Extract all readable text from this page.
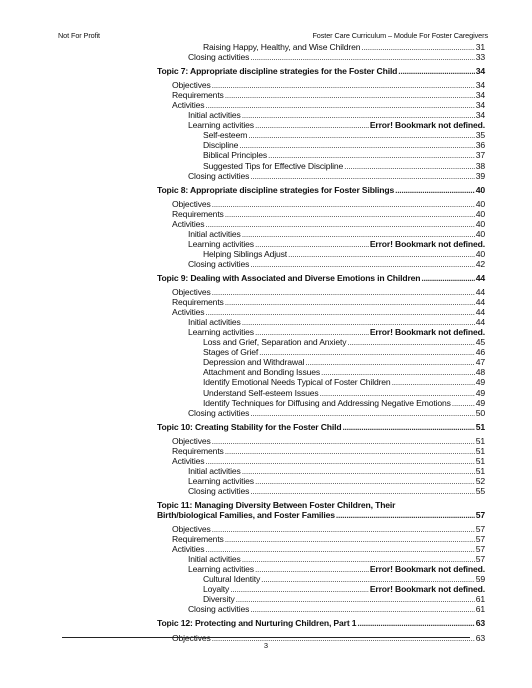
Not For Profit	Foster Care Curriculum – Module For Foster Caregivers
Raising Happy, Healthy, and Wise Children .....	31
Closing activities .....	33
Topic 7: Appropriate discipline strategies for the Foster Child .....	34
Objectives .....	34
Requirements .....	34
Activities .....	34
Initial activities .....	34
Learning activities .....	Error! Bookmark not defined.
Self-esteem .....	35
Discipline .....	36
Biblical Principles .....	37
Suggested Tips for Effective Discipline .....	38
Closing activities .....	39
Topic 8: Appropriate discipline strategies for Foster Siblings .....	40
Objectives .....	40
Requirements .....	40
Activities .....	40
Initial activities .....	40
Learning activities .....	Error! Bookmark not defined.
Helping Siblings Adjust .....	40
Closing activities .....	42
Topic 9: Dealing with Associated and Diverse Emotions in Children .....	44
Objectives .....	44
Requirements .....	44
Activities .....	44
Initial activities .....	44
Learning activities .....	Error! Bookmark not defined.
Loss and Grief, Separation and Anxiety .....	45
Stages of Grief .....	46
Depression and Withdrawal .....	47
Attachment and Bonding Issues .....	48
Identify Emotional Needs Typical of Foster Children .....	49
Understand Self-esteem Issues .....	49
Identify Techniques for Diffusing and Addressing Negative Emotions .....	49
Closing activities .....	50
Topic 10: Creating Stability for the Foster Child .....	51
Objectives .....	51
Requirements .....	51
Activities .....	51
Initial activities .....	51
Learning activities .....	52
Closing activities .....	55
Topic 11: Managing Diversity Between Foster Children, Their
Birth/biological Families, and Foster Families .....	57
Objectives .....	57
Requirements .....	57
Activities .....	57
Initial activities .....	57
Learning activities .....	Error! Bookmark not defined.
Cultural Identity .....	59
Loyalty .....	Error! Bookmark not defined.
Diversity .....	61
Closing activities .....	61
Topic 12: Protecting and Nurturing Children, Part 1 .....	63
Objectives .....	63
3
